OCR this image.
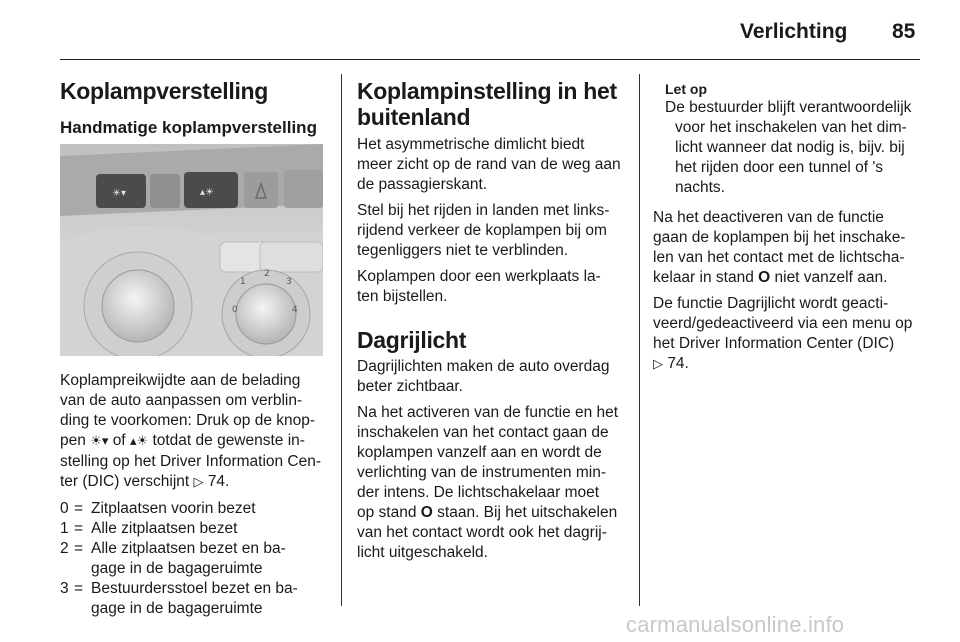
Verlichting 85
Koplampverstelling
Handmatige koplampverstelling
☀▾	▴☀
1
2
3
0	4

Koplampreikwijdte aan de belading
van de auto aanpassen om verblin-
ding te voorkomen: Druk op de knop-
pen ☀▾ of ▴☀ totdat de gewenste in-
stelling op het Driver Information Cen-
ter (DIC) verschijnt ▷ 74.

0 = Zitplaatsen voorin bezet
1 = Alle zitplaatsen bezet
2 = Alle zitplaatsen bezet en ba-
gage in de bagageruimte
3 = Bestuurdersstoel bezet en ba-
gage in de bagageruimte
Koplampinstelling in het
buitenland

Het asymmetrische dimlicht biedt
meer zicht op de rand van de weg aan
de passagierskant.

Stel bij het rijden in landen met links-
rijdend verkeer de koplampen bij om
tegenliggers niet te verblinden.

Koplampen door een werkplaats la-
ten bijstellen.

Dagrijlicht

Dagrijlichten maken de auto overdag
beter zichtbaar.

Na het activeren van de functie en het
inschakelen van het contact gaan de
koplampen vanzelf aan en wordt de
verlichting van de instrumenten min-
der intens. De lichtschakelaar moet
op stand O staan. Bij het uitschakelen
van het contact wordt ook het dagrij-
licht uitgeschakeld.

Let op

De bestuurder blijft verantwoordelijk
voor het inschakelen van het dim-
licht wanneer dat nodig is, bijv. bij
het rijden door een tunnel of 's
nachts.

Na het deactiveren van de functie
gaan de koplampen bij het inschake-
len van het contact met de lichtscha-
kelaar in stand O niet vanzelf aan.

De functie Dagrijlicht wordt geacti-
veerd/gedeactiveerd via een menu op
het Driver Information Center (DIC)
▷ 74.

carmanualsonline.info
